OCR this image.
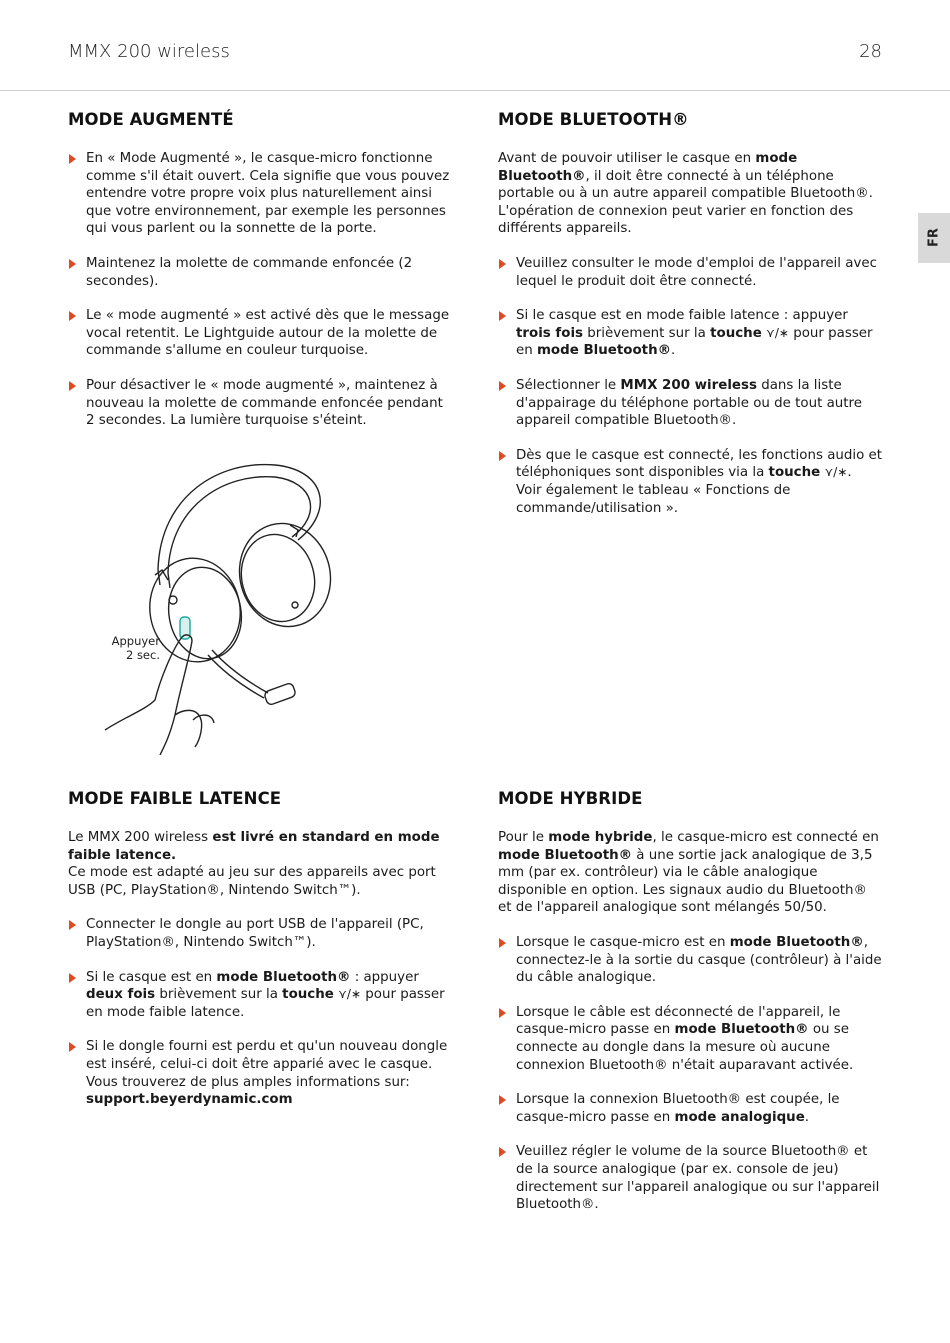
MMX 200 wireless	28
FR
MODE AUGMENTÉ
En « Mode Augmenté », le casque-micro fonctionne comme s'il était ouvert. Cela signifie que vous pouvez entendre votre propre voix plus naturellement ainsi que votre environnement, par exemple les personnes qui vous parlent ou la sonnette de la porte.
Maintenez la molette de commande enfoncée (2 secondes).
Le « mode augmenté » est activé dès que le message vocal retentit. Le Lightguide autour de la molette de commande s'allume en couleur turquoise.
Pour désactiver le « mode augmenté », maintenez à nouveau la molette de commande enfoncée pendant 2 secondes. La lumière turquoise s'éteint.
Appuyer
2 sec.
MODE BLUETOOTH®
Avant de pouvoir utiliser le casque en mode Bluetooth®, il doit être connecté à un téléphone portable ou à un autre appareil compatible Bluetooth®. L'opération de connexion peut varier en fonction des différents appareils.
Veuillez consulter le mode d'emploi de l'appareil avec lequel le produit doit être connecté.
Si le casque est en mode faible latence : appuyer trois fois brièvement sur la touche ⋎/∗ pour passer en mode Bluetooth®.
Sélectionner le MMX 200 wireless dans la liste d'appairage du téléphone portable ou de tout autre appareil compatible Bluetooth®.
Dès que le casque est connecté, les fonctions audio et téléphoniques sont disponibles via la touche ⋎/∗.
Voir également le tableau « Fonctions de commande/utilisation ».
MODE FAIBLE LATENCE
Le MMX 200 wireless est livré en standard en mode faible latence.
Ce mode est adapté au jeu sur des appareils avec port USB (PC, PlayStation®, Nintendo Switch™).
Connecter le dongle au port USB de l'appareil (PC, PlayStation®, Nintendo Switch™).
Si le casque est en mode Bluetooth® : appuyer deux fois brièvement sur la touche ⋎/∗ pour passer en mode faible latence.
Si le dongle fourni est perdu et qu'un nouveau dongle est inséré, celui-ci doit être apparié avec le casque. Vous trouverez de plus amples informations sur:
support.beyerdynamic.com
MODE HYBRIDE
Pour le mode hybride, le casque-micro est connecté en mode Bluetooth® à une sortie jack analogique de 3,5 mm (par ex. contrôleur) via le câble analogique disponible en option. Les signaux audio du Bluetooth® et de l'appareil analogique sont mélangés 50/50.
Lorsque le casque-micro est en mode Bluetooth®, connectez-le à la sortie du casque (contrôleur) à l'aide du câble analogique.
Lorsque le câble est déconnecté de l'appareil, le casque-micro passe en mode Bluetooth® ou se connecte au dongle dans la mesure où aucune connexion Bluetooth® n'était auparavant activée.
Lorsque la connexion Bluetooth® est coupée, le casque-micro passe en mode analogique.
Veuillez régler le volume de la source Bluetooth® et de la source analogique (par ex. console de jeu) directement sur l'appareil analogique ou sur l'appareil Bluetooth®.
